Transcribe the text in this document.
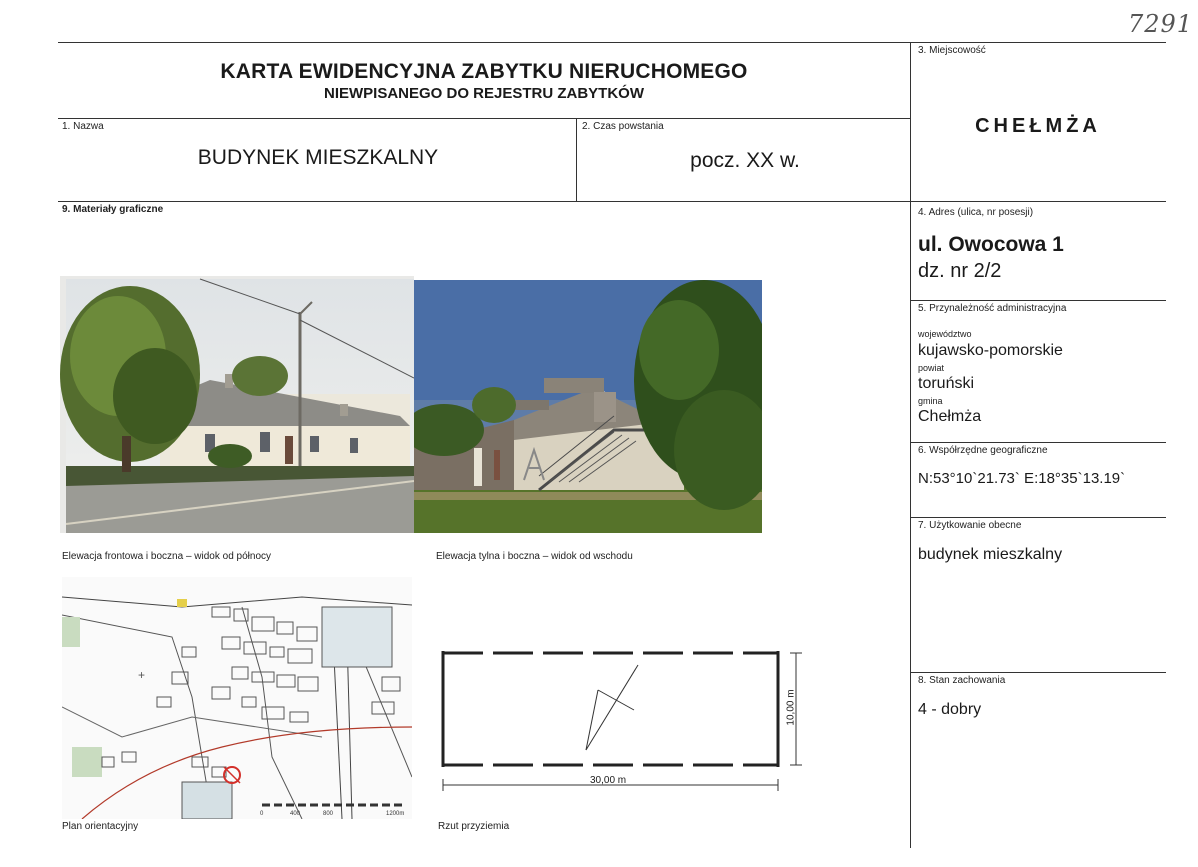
7291
KARTA EWIDENCYJNA ZABYTKU NIERUCHOMEGO
NIEWPISANEGO DO REJESTRU ZABYTKÓW
1. Nazwa
BUDYNEK MIESZKALNY
2. Czas powstania
pocz. XX w.
3. Miejscowość
CHEŁMŻA
4. Adres (ulica, nr posesji)
ul. Owocowa 1
dz. nr 2/2
5. Przynależność administracyjna
województwo
kujawsko-pomorskie
powiat
toruński
gmina
Chełmża
6. Współrzędne geograficzne
N:53°10`21.73` E:18°35`13.19`
7. Użytkowanie obecne
budynek mieszkalny
8. Stan zachowania
4 - dobry
9. Materiały graficzne
Elewacja frontowa i boczna – widok od północy	Elewacja tylna i boczna – widok od wschodu
+
0	400	800	1200m
Plan orientacyjny
30,00 m
10,00 m
Rzut przyziemia
